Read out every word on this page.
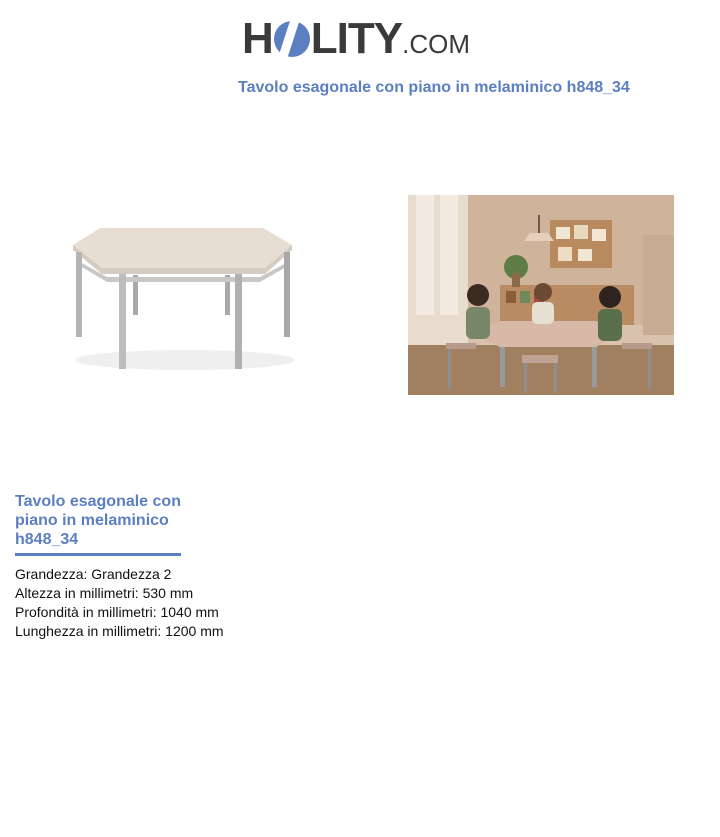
H LITY.COM
Tavolo esagonale con piano in melaminico h848_34
Tavolo esagonale con piano in melaminico h848_34
Grandezza: Grandezza 2
Altezza in millimetri: 530 mm
Profondità in millimetri: 1040 mm
Lunghezza in millimetri: 1200 mm
